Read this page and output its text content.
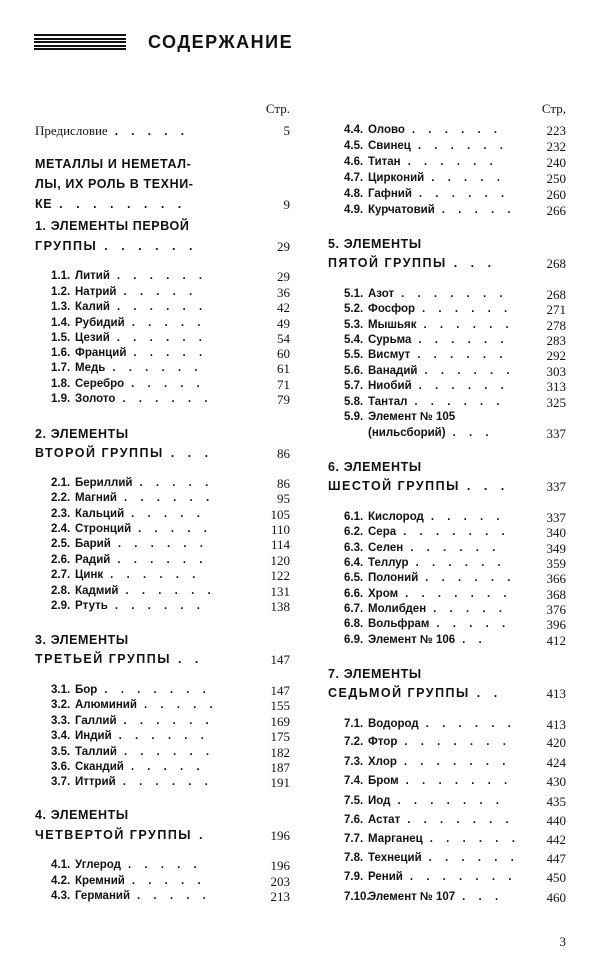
СОДЕРЖАНИЕ
Стр.
Предисловие . . . . .	5
МЕТАЛЛЫ И НЕМЕТАЛ-
ЛЫ, ИХ РОЛЬ В ТЕХНИ-
КЕ . . . . . . . .	9
1. ЭЛЕМЕНТЫ ПЕРВОЙ
ГРУППЫ . . . . . .	29
1.1. Литий . . . . . .	29
1.2. Натрий . . . . .	36
1.3. Калий . . . . . .	42
1.4. Рубидий . . . . .	49
1.5. Цезий . . . . . .	54
1.6. Франций . . . . .	60
1.7. Медь . . . . . .	61
1.8. Серебро . . . . .	71
1.9. Золото . . . . . .	79
2. ЭЛЕМЕНТЫ
ВТОРОЙ ГРУППЫ . . .	86
2.1. Бериллий . . . . .	86
2.2. Магний . . . . . .	95
2.3. Кальций . . . . .	105
2.4. Стронций . . . . .	110
2.5. Барий . . . . . .	114
2.6. Радий . . . . . .	120
2.7. Цинк . . . . . .	122
2.8. Кадмий . . . . . .	131
2.9. Ртуть . . . . . .	138
3. ЭЛЕМЕНТЫ
ТРЕТЬЕЙ ГРУППЫ . .	147
3.1. Бор . . . . . . .	147
3.2. Алюминий . . . . .	155
3.3. Галлий . . . . . .	169
3.4. Индий . . . . . .	175
3.5. Таллий . . . . . .	182
3.6. Скандий . . . . .	187
3.7. Иттрий . . . . . .	191
4. ЭЛЕМЕНТЫ
ЧЕТВЕРТОЙ ГРУППЫ .	196
4.1. Углерод . . . . .	196
4.2. Кремний . . . . .	203
4.3. Германий . . . . .	213
Стр,
4.4. Олово . . . . . .	223
4.5. Свинец . . . . . .	232
4.6. Титан . . . . . .	240
4.7. Цирконий . . . . .	250
4.8. Гафний . . . . . .	260
4.9. Курчатовий . . . . . 266
5. ЭЛЕМЕНТЫ
ПЯТОЙ ГРУППЫ . . .	268
5.1. Азот . . . . . . .	268
5.2. Фосфор . . . . . .	271
5.3. Мышьяк . . . . . .	278
5.4. Сурьма . . . . . .	283
5.5. Висмут . . . . . .	292
5.6. Ванадий . . . . . . 303
5.7. Ниобий . . . . . .	313
5.8. Тантал . . . . . .	325
5.9. Элемент № 105
(нильсборий) . . .	337
6. ЭЛЕМЕНТЫ
ШЕСТОЙ ГРУППЫ . . .	337
6.1. Кислород . . . . .	337
6.2. Сера . . . . . . .	340
6.3. Селен . . . . . .	349
6.4. Теллур . . . . . .	359
6.5. Полоний . . . . . . 366
6.6. Хром . . . . . . .	368
6.7. Молибден . . . . .	376
6.8. Вольфрам . . . . .	396
6.9. Элемент № 106 . .	412
7. ЭЛЕМЕНТЫ
СЕДЬМОЙ ГРУППЫ . .	413
7.1. Водород . . . . . . 413
7.2. Фтор . . . . . . .	420
7.3. Хлор . . . . . . .	424
7.4. Бром . . . . . . .	430
7.5. Иод . . . . . . .	435
7.6. Астат . . . . . . .	440
7.7. Марганец . . . . . . 442
7.8. Технеций . . . . . . 447
7.9. Рений . . . . . . . 450
7.10.Элемент № 107 . . .	460
3
